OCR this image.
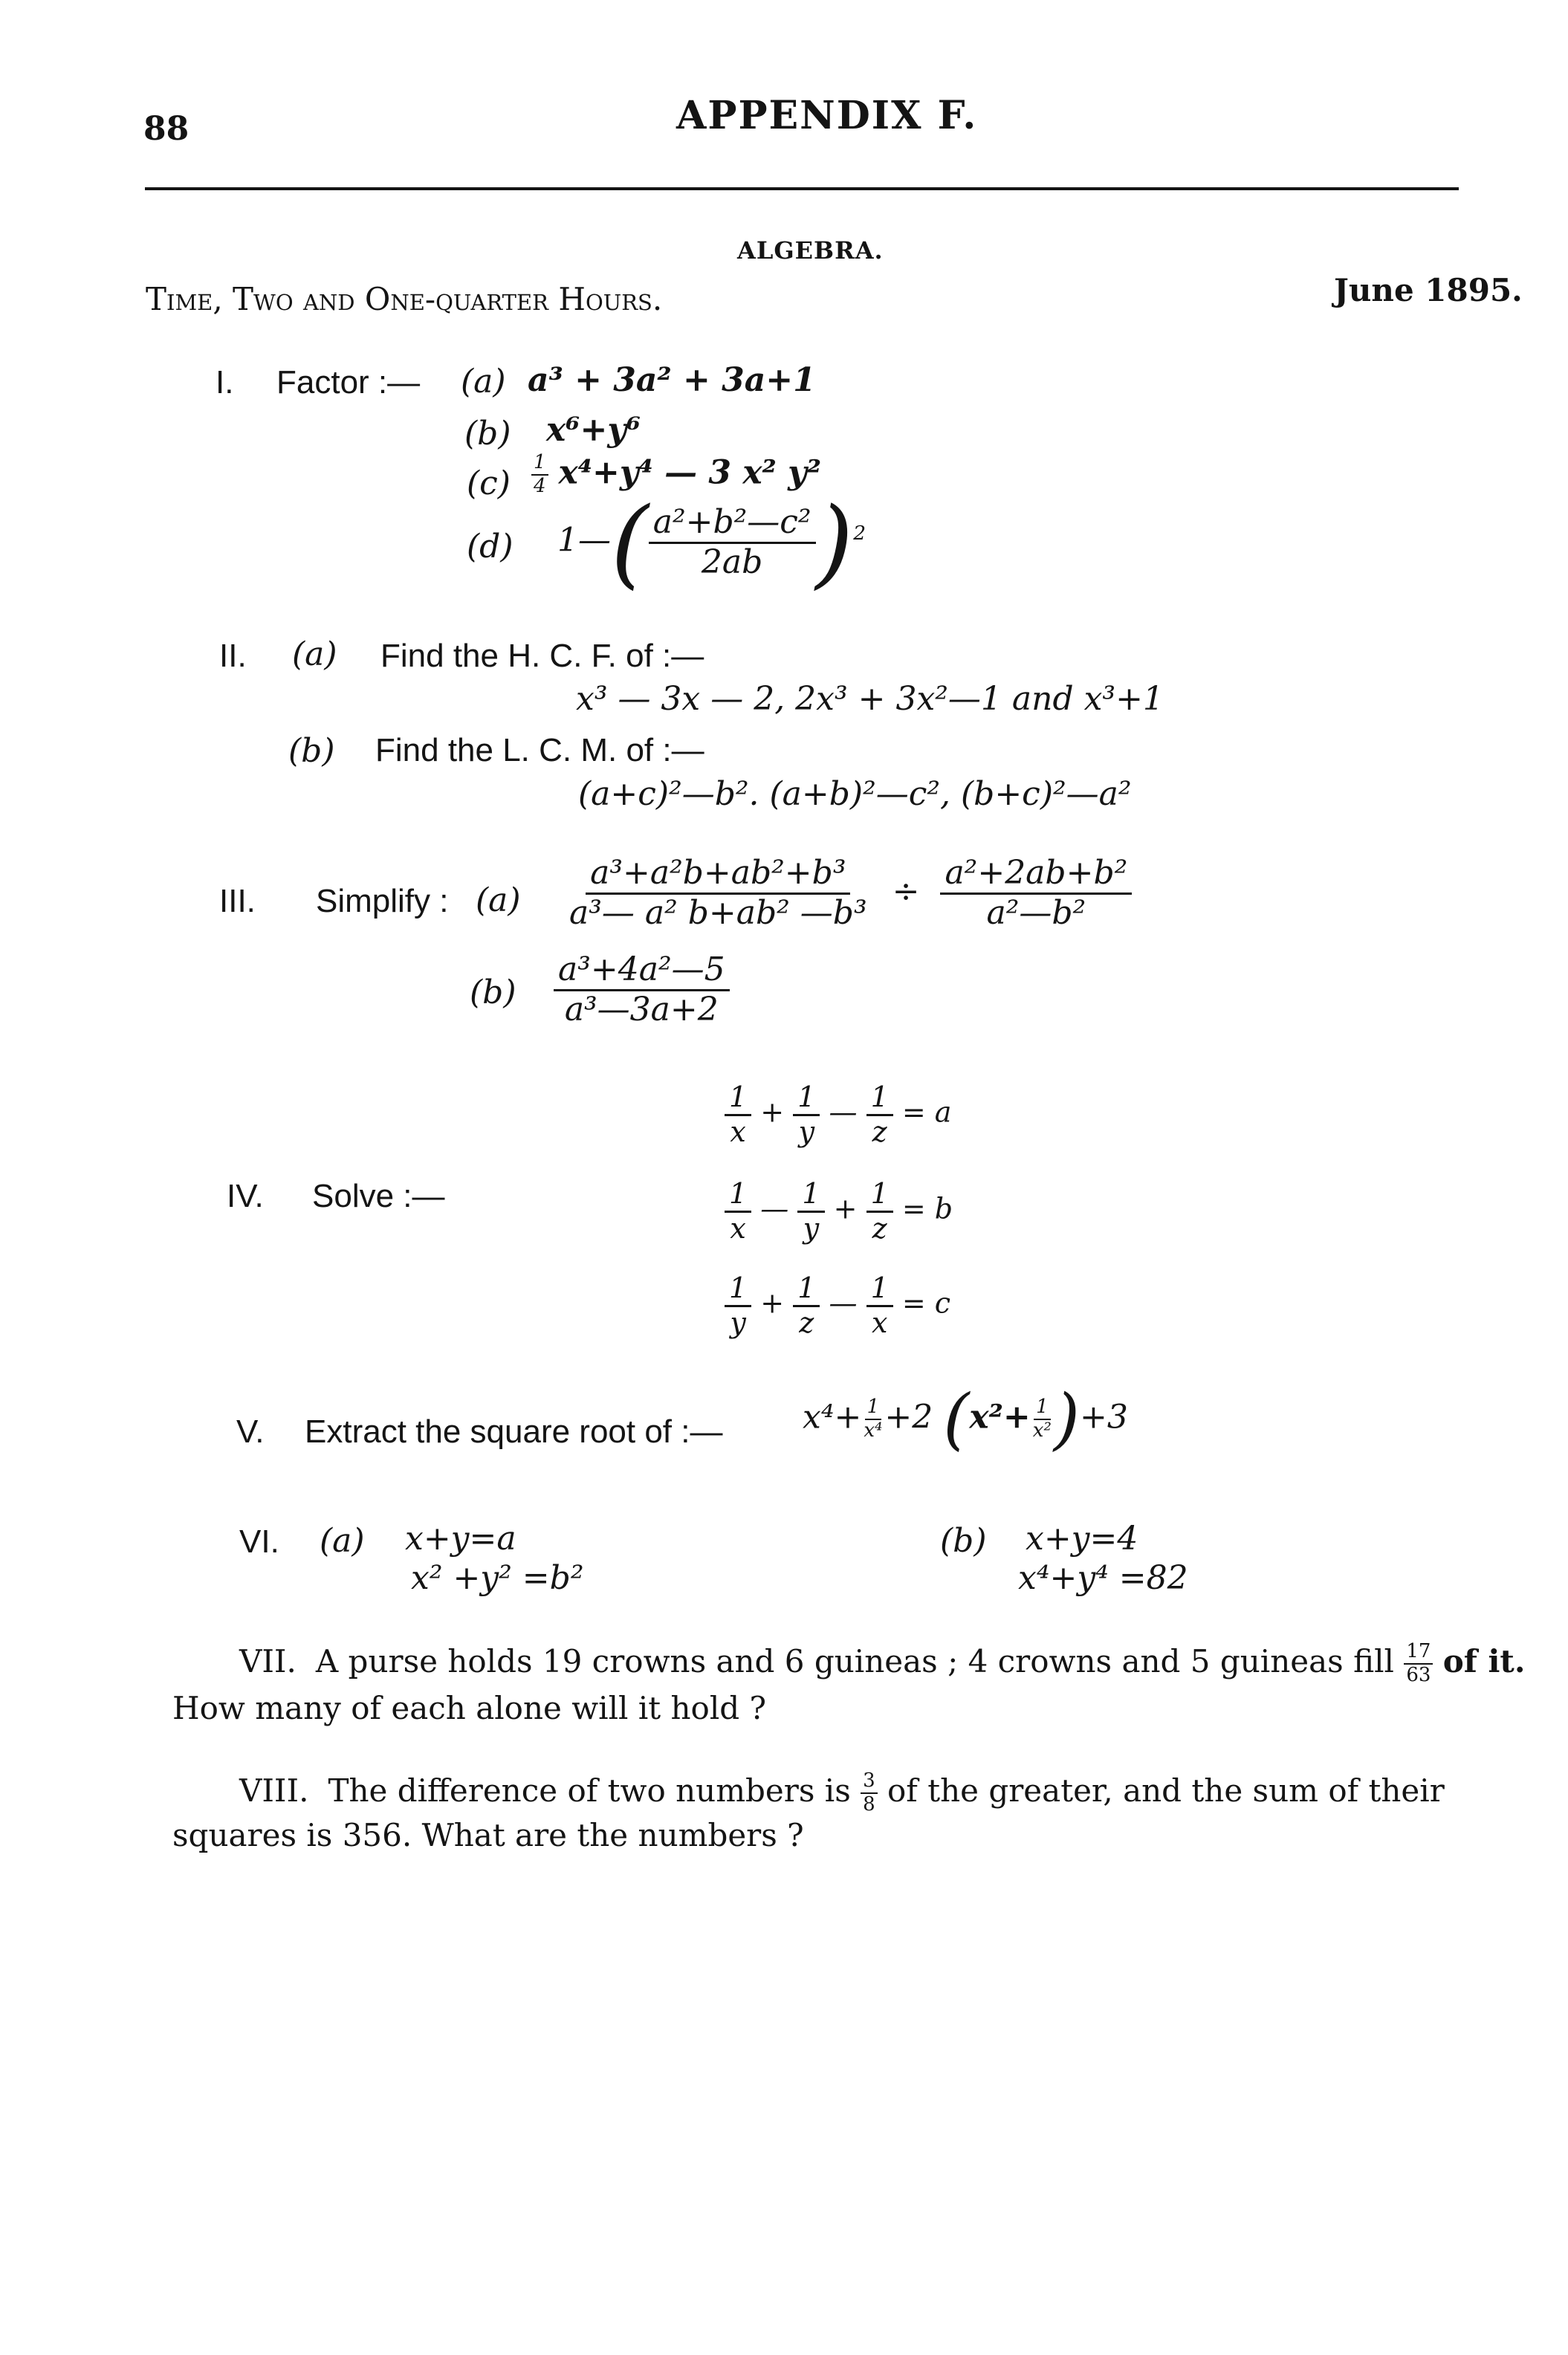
88	APPENDIX F.
ALGEBRA.
Time, Two and One-quarter Hours.	June 1895.
I. Factor :— (a) a³ + 3a² + 3a+1
(b) x⁶+y⁶
$(c) \frac{1}{4} x^4+y^4$ — 3 x² y²
(d) 1—( $\frac{\text{a²+b²—c²}}{2ab} )^2$
II. (a) Find the H. C. F. of :—
x³ — 3x — 2, 2x³ + 3x²—1 and x³+1
(b) Find the L. C. M. of :—
(a+c)²—b². (a+b)²—c², (b+c)²—a²
III. Simplify : $(a) \frac{\text{a³+a²b+ab²+b³}}{\text{a³— a² b+ab² —b³}} \div \frac{\text{a²+2ab+b²}}{\text{a²—b²}}$
$(b) \frac{\text{a³+4a²—5}}{\text{a³—3a+2}}$
IV. Solve :—
$\frac{1}{x} + \frac{1}{y}$ — $\frac{1}{z} = a$
$\frac{1}{x}$ — $\frac{1}{y} + \frac{1}{z} = b$
$\frac{1}{y} + \frac{1}{z}$ — $\frac{1}{x} = c$
V. Extract the square root of :— $x^4+ \frac{1}{\text{x⁴}} +2$ $(x^2+ \frac{1}{\text{x²}} )+3$
VI. (a) x+y=a
x² +y² =b²
(b) x+y=4
x⁴+y⁴ =82
VII. A purse holds 19 crowns and 6 guineas ; 4 crowns and 5 guineas fill $\frac{17}{63}$ of it.
How many of each alone will it hold ?
VIII. The difference of two numbers is $\frac{3}{8}$ of the greater, and the sum of their
squares is 356. What are the numbers ?
